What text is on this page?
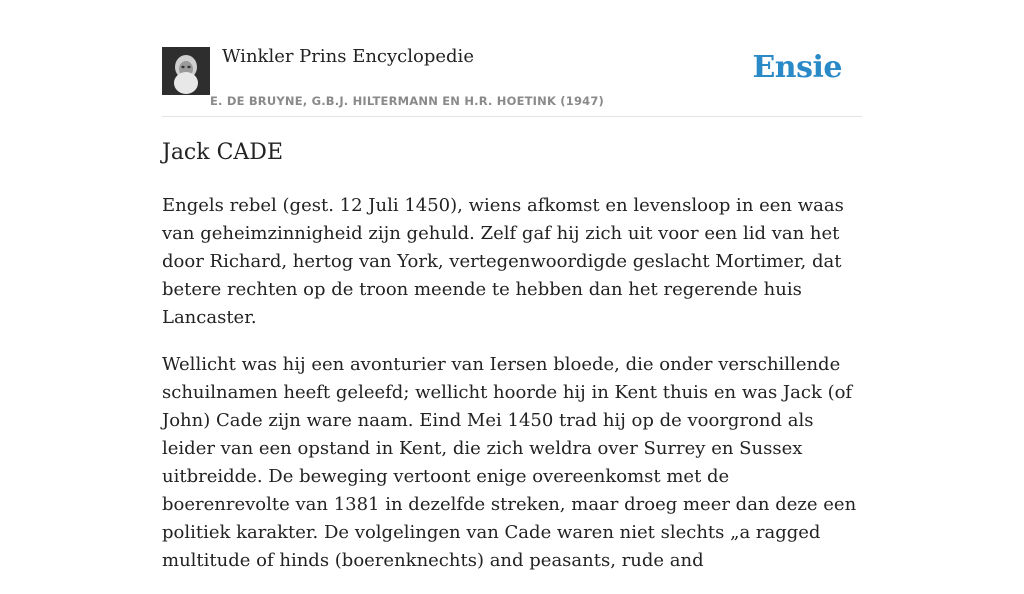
Winkler Prins Encyclopedie
E. DE BRUYNE, G.B.J. HILTERMANN EN H.R. HOETINK (1947)
Ensie
Jack CADE

Engels rebel (gest. 12 Juli 1450), wiens afkomst en levensloop in een waas van geheimzinnigheid zijn gehuld. Zelf gaf hij zich uit voor een lid van het door Richard, hertog van York, vertegenwoordigde geslacht Mortimer, dat betere rechten op de troon meende te hebben dan het regerende huis Lancaster.

Wellicht was hij een avonturier van Iersen bloede, die onder verschillende schuilnamen heeft geleefd; wellicht hoorde hij in Kent thuis en was Jack (of John) Cade zijn ware naam. Eind Mei 1450 trad hij op de voorgrond als leider van een opstand in Kent, die zich weldra over Surrey en Sussex uitbreidde. De beweging vertoont enige overeenkomst met de boerenrevolte van 1381 in dezelfde streken, maar droeg meer dan deze een politiek karakter. De volgelingen van Cade waren niet slechts „a ragged multitude of hinds (boerenknechts) and peasants, rude and
